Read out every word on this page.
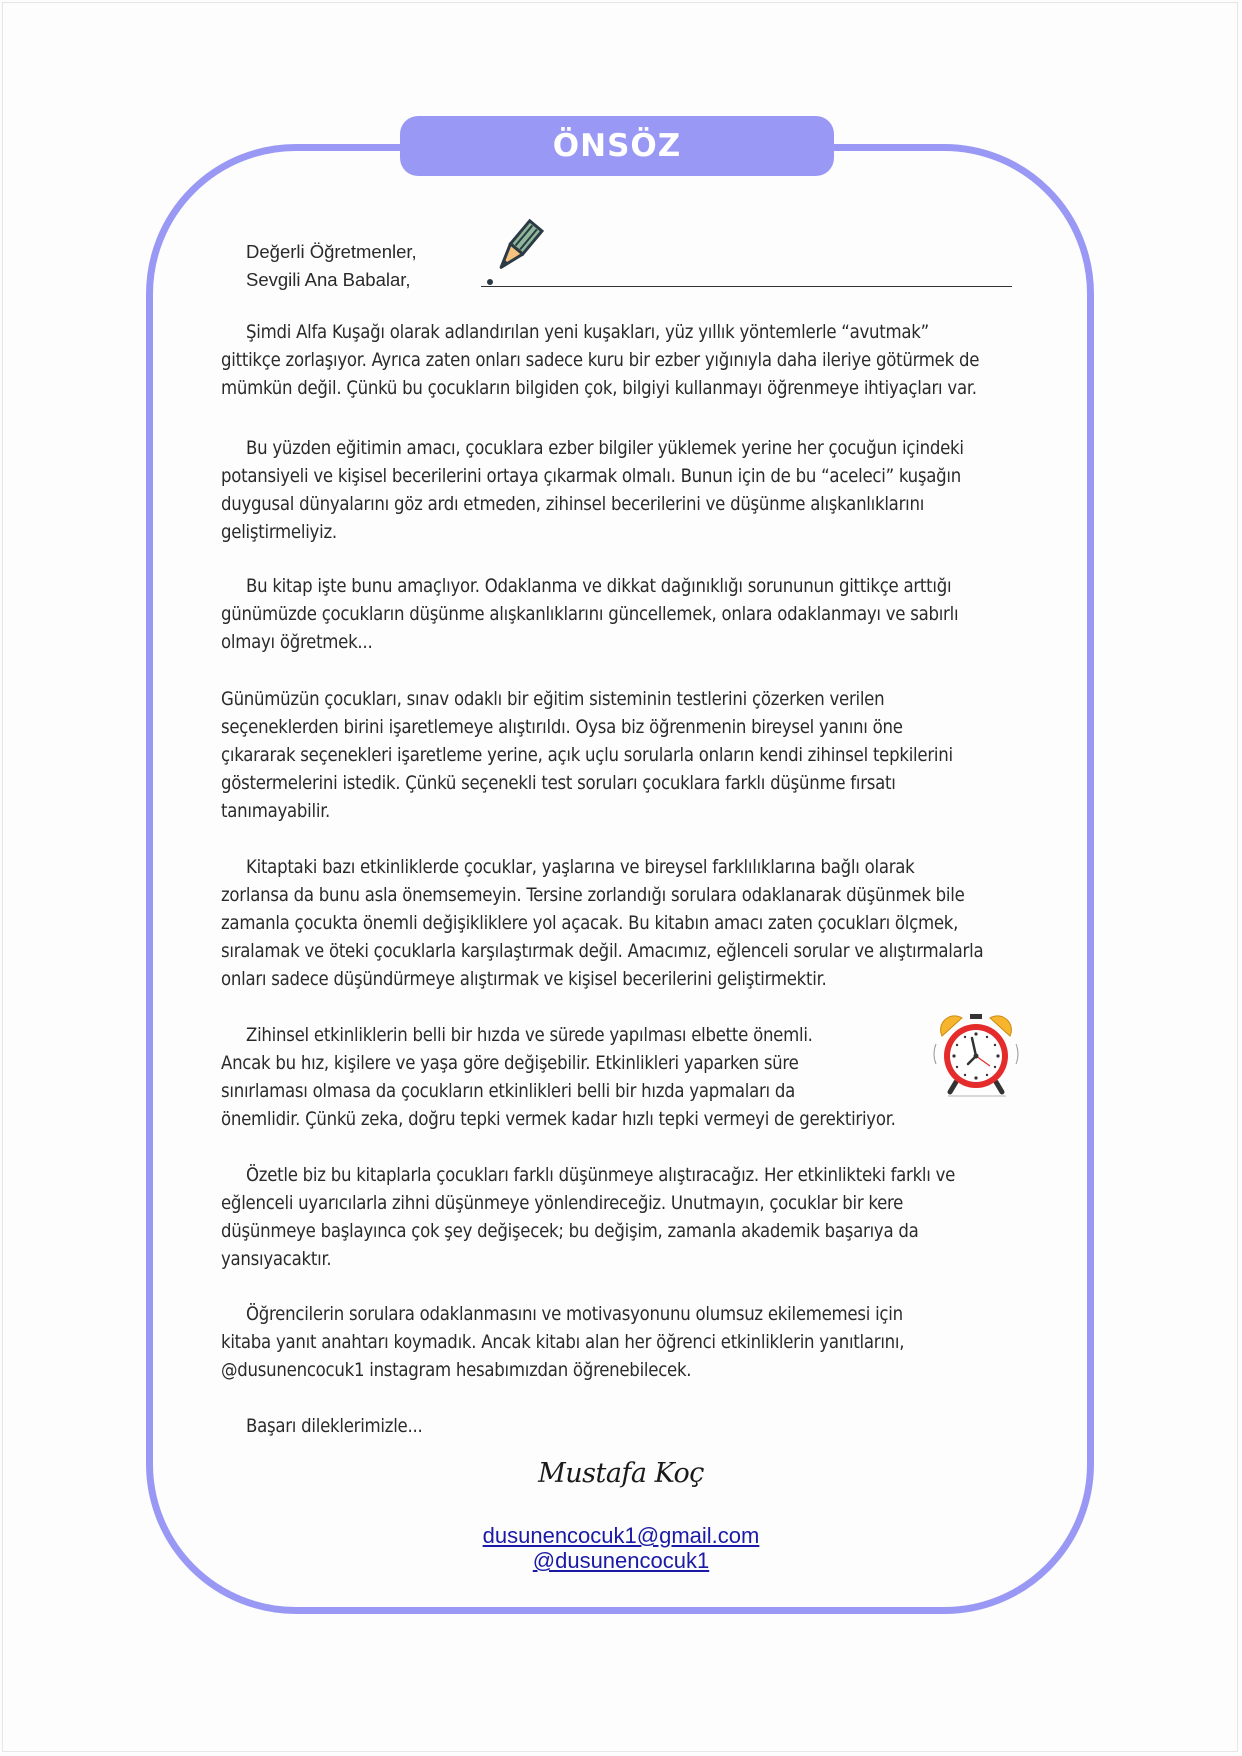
ÖNSÖZ
Değerli Öğretmenler,
Sevgili Ana Babalar,
Şimdi Alfa Kuşağı olarak adlandırılan yeni kuşakları, yüz yıllık yöntemlerle “avutmak”
gittikçe zorlaşıyor. Ayrıca zaten onları sadece kuru bir ezber yığınıyla daha ileriye götürmek de
mümkün değil. Çünkü bu çocukların bilgiden çok, bilgiyi kullanmayı öğrenmeye ihtiyaçları var.
Bu yüzden eğitimin amacı, çocuklara ezber bilgiler yüklemek yerine her çocuğun içindeki
potansiyeli ve kişisel becerilerini ortaya çıkarmak olmalı. Bunun için de bu “aceleci” kuşağın
duygusal dünyalarını göz ardı etmeden, zihinsel becerilerini ve düşünme alışkanlıklarını
geliştirmeliyiz.
Bu kitap işte bunu amaçlıyor. Odaklanma ve dikkat dağınıklığı sorununun gittikçe arttığı
günümüzde çocukların düşünme alışkanlıklarını güncellemek, onlara odaklanmayı ve sabırlı
olmayı öğretmek...
Günümüzün çocukları, sınav odaklı bir eğitim sisteminin testlerini çözerken verilen
seçeneklerden birini işaretlemeye alıştırıldı. Oysa biz öğrenmenin bireysel yanını öne
çıkararak seçenekleri işaretleme yerine, açık uçlu sorularla onların kendi zihinsel tepkilerini
göstermelerini istedik. Çünkü seçenekli test soruları çocuklara farklı düşünme fırsatı
tanımayabilir.
Kitaptaki bazı etkinliklerde çocuklar, yaşlarına ve bireysel farklılıklarına bağlı olarak
zorlansa da bunu asla önemsemeyin. Tersine zorlandığı sorulara odaklanarak düşünmek bile
zamanla çocukta önemli değişikliklere yol açacak. Bu kitabın amacı zaten çocukları ölçmek,
sıralamak ve öteki çocuklarla karşılaştırmak değil. Amacımız, eğlenceli sorular ve alıştırmalarla
onları sadece düşündürmeye alıştırmak ve kişisel becerilerini geliştirmektir.
Zihinsel etkinliklerin belli bir hızda ve sürede yapılması elbette önemli.
Ancak bu hız, kişilere ve yaşa göre değişebilir. Etkinlikleri yaparken süre
sınırlaması olmasa da çocukların etkinlikleri belli bir hızda yapmaları da
önemlidir. Çünkü zeka, doğru tepki vermek kadar hızlı tepki vermeyi de gerektiriyor.
Özetle biz bu kitaplarla çocukları farklı düşünmeye alıştıracağız. Her etkinlikteki farklı ve
eğlenceli uyarıcılarla zihni düşünmeye yönlendireceğiz. Unutmayın, çocuklar bir kere
düşünmeye başlayınca çok şey değişecek; bu değişim, zamanla akademik başarıya da
yansıyacaktır.
Öğrencilerin sorulara odaklanmasını ve motivasyonunu olumsuz ekilememesi için
kitaba yanıt anahtarı koymadık. Ancak kitabı alan her öğrenci etkinliklerin yanıtlarını,
@dusunencocuk1 instagram hesabımızdan öğrenebilecek.
Başarı dileklerimizle...
Mustafa Koç
dusunencocuk1@gmail.com
@dusunencocuk1
